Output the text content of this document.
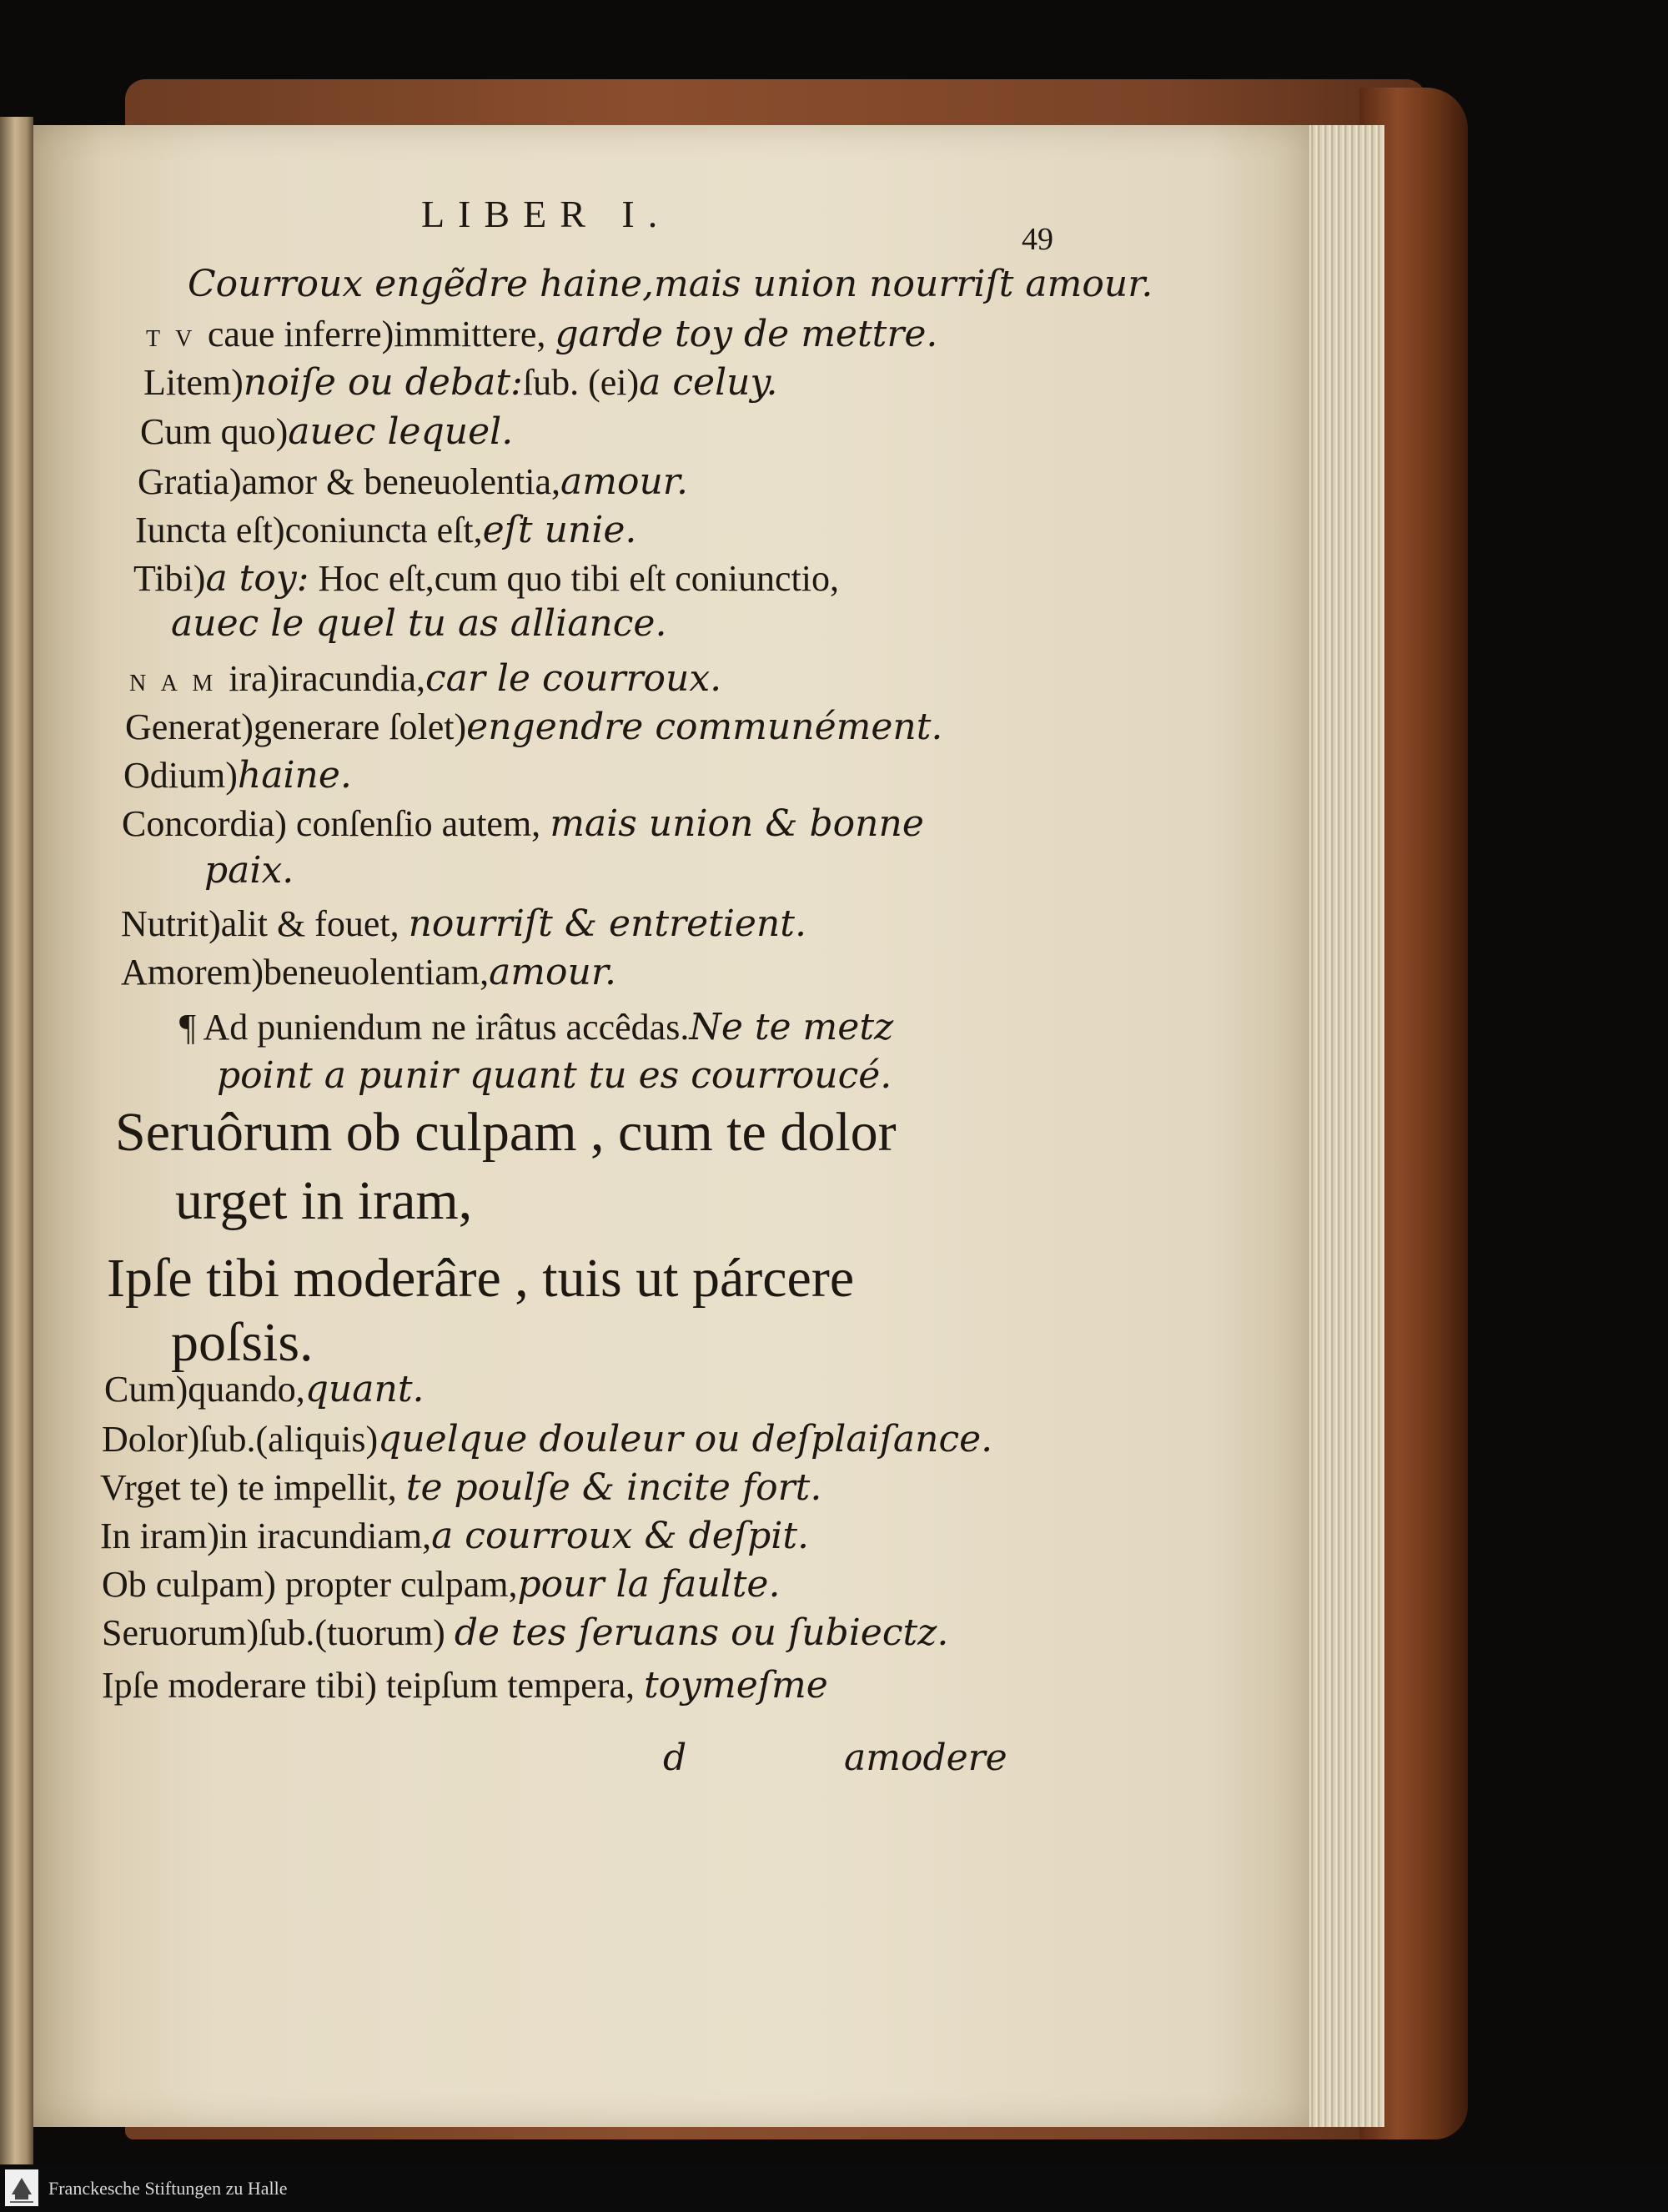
Courroux engẽdre haine,mais union nourriſt amour.
T V caue inferre)immittere, garde toy de mettre.
Litem)noiſe ou debat:ſub. (ei)a celuy.
Cum quo)auec lequel.
Gratia)amor & beneuolentia,amour.
Iuncta eſt)coniuncta eſt,eſt unie.
Tibi)a toy: Hoc eſt,cum quo tibi eſt coniunctio,
auec le quel tu as alliance.
N A M ira)iracundia,car le courroux.
Generat)generare ſolet)engendre communément.
Odium)haine.
Concordia) conſenſio autem, mais union & bonne
paix.
Nutrit)alit & fouet, nourriſt & entretient.
Amorem)beneuolentiam,amour.
¶ Ad puniendum ne irâtus accêdas.Ne te metz
point a punir quant tu es courroucé.
Seruôrum ob culpam , cum te dolor
urget in iram,
Ipſe tibi moderâre , tuis ut párcere
poſsis.
Cum)quando,quant.
Dolor)ſub.(aliquis)quelque douleur ou deſplaiſance.
Vrget te) te impellit, te poulſe & incite fort.
In iram)in iracundiam,a courroux & deſpit.
Ob culpam) propter culpam,pour la faulte.
Seruorum)ſub.(tuorum) de tes ſeruans ou ſubiectz.
Ipſe moderare tibi) teipſum tempera, toymeſme
LIBER I.
49
d	amodere
Franckesche Stiftungen zu Halle
